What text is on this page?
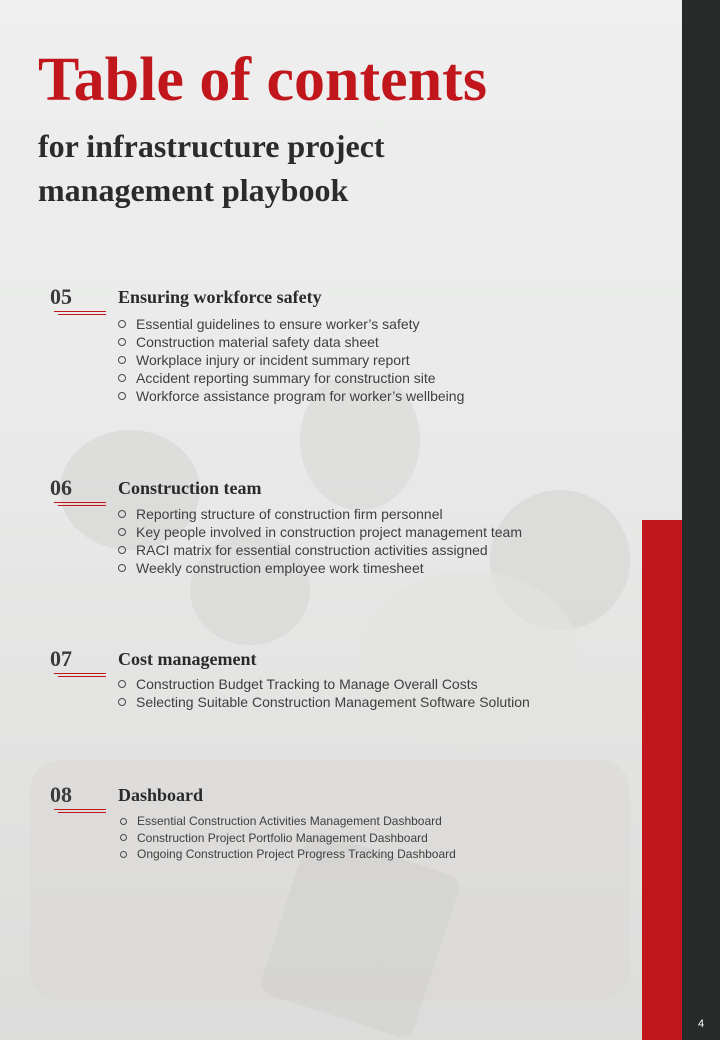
4
Table of contents
for infrastructure project management playbook
05	Ensuring workforce safety
Essential guidelines to ensure worker’s safety
Construction material safety data sheet
Workplace injury or incident summary report
Accident reporting summary for construction site
Workforce assistance program for worker’s wellbeing
06	Construction team
Reporting structure of construction firm personnel
Key people involved in construction project management team
RACI matrix for essential construction activities assigned
Weekly construction employee work timesheet
07	Cost management
Construction Budget Tracking to Manage Overall Costs
Selecting Suitable Construction Management Software Solution
08	Dashboard
Essential Construction Activities Management Dashboard
Construction Project Portfolio Management Dashboard
Ongoing Construction Project Progress Tracking Dashboard
